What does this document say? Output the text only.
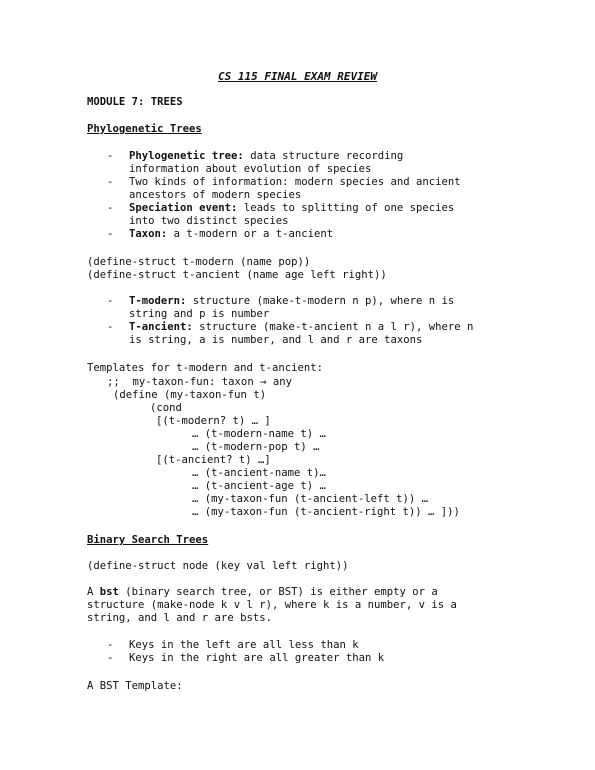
CS 115 FINAL EXAM REVIEW
MODULE 7: TREES
Phylogenetic Trees
- Phylogenetic tree: data structure recording
information about evolution of species
- Two kinds of information: modern species and ancient
ancestors of modern species
- Speciation event: leads to splitting of one species
into two distinct species
- Taxon: a t-modern or a t-ancient
(define-struct t-modern (name pop))
(define-struct t-ancient (name age left right))
- T-modern: structure (make-t-modern n p), where n is
string and p is number
- T-ancient: structure (make-t-ancient n a l r), where n
is string, a is number, and l and r are taxons
Templates for t-modern and t-ancient:
;;  my-taxon-fun: taxon → any
(define (my-taxon-fun t)
(cond
[(t-modern? t) … ]
… (t-modern-name t) …
… (t-modern-pop t) …
[(t-ancient? t) …]
… (t-ancient-name t)…
… (t-ancient-age t) …
… (my-taxon-fun (t-ancient-left t)) …
… (my-taxon-fun (t-ancient-right t)) … ]))
Binary Search Trees
(define-struct node (key val left right))
A bst (binary search tree, or BST) is either empty or a
structure (make-node k v l r), where k is a number, v is a
string, and l and r are bsts.
- Keys in the left are all less than k
- Keys in the right are all greater than k
A BST Template:
